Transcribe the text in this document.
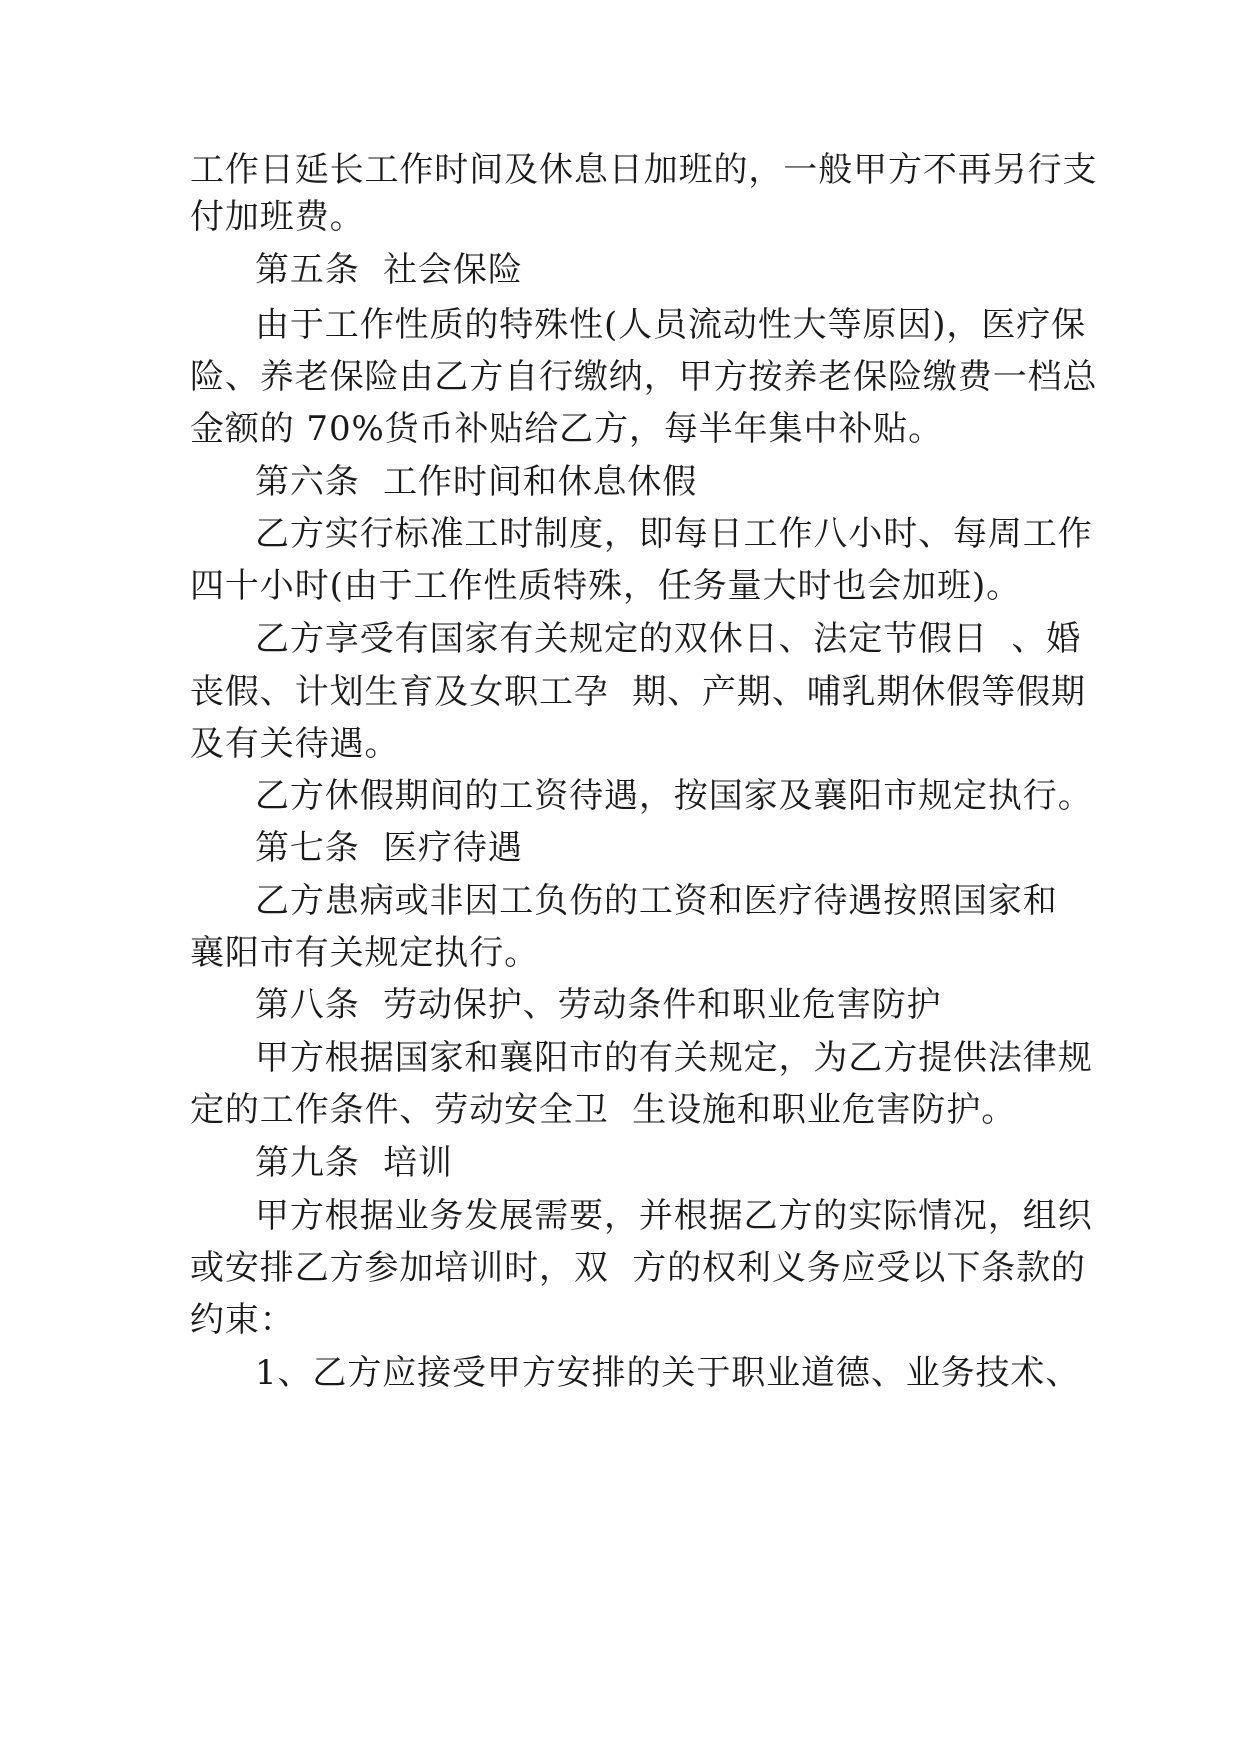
工作日延长工作时间及休息日加班的，一般甲方不再另行支
付加班费。
第五条  社会保险
由于工作性质的特殊性(人员流动性大等原因)，医疗保
险、养老保险由乙方自行缴纳，甲方按养老保险缴费一档总
金额的 70%货币补贴给乙方，每半年集中补贴。
第六条  工作时间和休息休假
乙方实行标准工时制度，即每日工作八小时、每周工作
四十小时(由于工作性质特殊，任务量大时也会加班)。
乙方享受有国家有关规定的双休日、法定节假日  、婚
丧假、计划生育及女职工孕  期、产期、哺乳期休假等假期
及有关待遇。
乙方休假期间的工资待遇，按国家及襄阳市规定执行。
第七条  医疗待遇
乙方患病或非因工负伤的工资和医疗待遇按照国家和
襄阳市有关规定执行。
第八条  劳动保护、劳动条件和职业危害防护
甲方根据国家和襄阳市的有关规定，为乙方提供法律规
定的工作条件、劳动安全卫  生设施和职业危害防护。
第九条  培训
甲方根据业务发展需要，并根据乙方的实际情况，组织
或安排乙方参加培训时，双  方的权利义务应受以下条款的
约束：
1、乙方应接受甲方安排的关于职业道德、业务技术、
